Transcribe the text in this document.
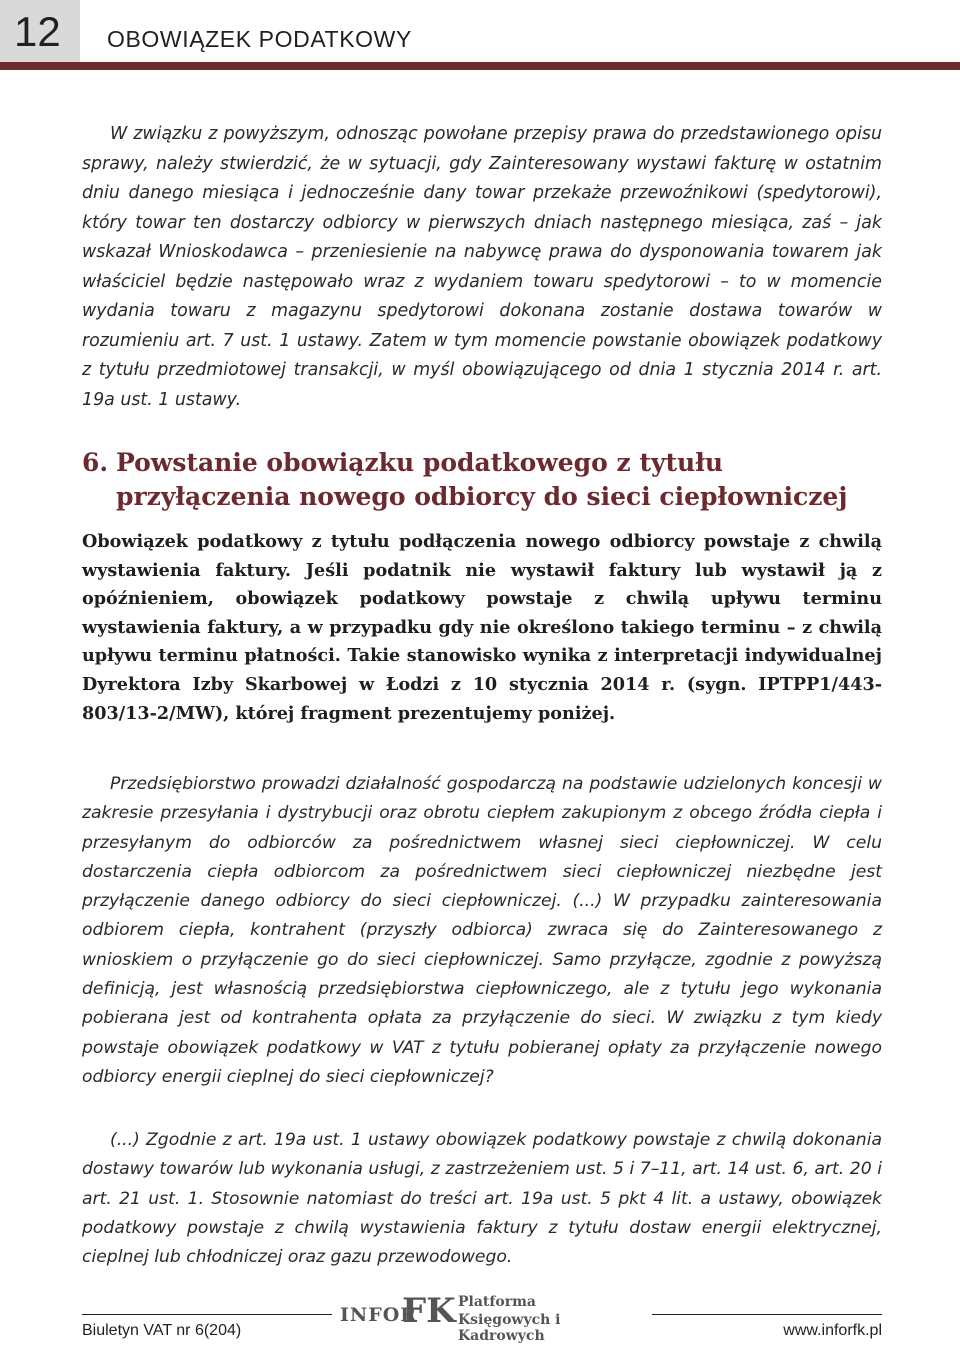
12 OBOWIĄZEK PODATKOWY

W związku z powyższym, odnosząc powołane przepisy prawa do przedstawionego opisu sprawy, należy stwierdzić, że w sytuacji, gdy Zainteresowany wystawi fakturę w ostatnim dniu danego miesiąca i jednocześnie dany towar przekaże przewoźnikowi (spedytorowi), który towar ten dostarczy odbiorcy w pierwszych dniach następnego miesiąca, zaś – jak wskazał Wnioskodawca – przeniesienie na nabywcę prawa do dysponowania towarem jak właściciel będzie następowało wraz z wydaniem towaru spedytorowi – to w momencie wydania towaru z magazynu spedytorowi dokonana zostanie dostawa towarów w rozumieniu art. 7 ust. 1 ustawy. Zatem w tym momencie powstanie obowiązek podatkowy z tytułu przedmiotowej transakcji, w myśl obowiązującego od dnia 1 stycznia 2014 r. art. 19a ust. 1 ustawy.

6. Powstanie obowiązku podatkowego z tytułu
przyłączenia nowego odbiorcy do sieci ciepłowniczej

Obowiązek podatkowy z tytułu podłączenia nowego odbiorcy powstaje z chwilą wystawienia faktury. Jeśli podatnik nie wystawił faktury lub wystawił ją z opóźnieniem, obowiązek podatkowy powstaje z chwilą upływu terminu wystawienia faktury, a w przypadku gdy nie określono takiego terminu – z chwilą upływu terminu płatności. Takie stanowisko wynika z interpretacji indywidualnej Dyrektora Izby Skarbowej w Łodzi z 10 stycznia 2014 r. (sygn. IPTPP1/443-803/13-2/MW), której fragment prezentujemy poniżej.

Przedsiębiorstwo prowadzi działalność gospodarczą na podstawie udzielonych koncesji w zakresie przesyłania i dystrybucji oraz obrotu ciepłem zakupionym z obcego źródła ciepła i przesyłanym do odbiorców za pośrednictwem własnej sieci ciepłowniczej. W celu dostarczenia ciepła odbiorcom za pośrednictwem sieci ciepłowniczej niezbędne jest przyłączenie danego odbiorcy do sieci ciepłowniczej. (...) W przypadku zainteresowania odbiorem ciepła, kontrahent (przyszły odbiorca) zwraca się do Zainteresowanego z wnioskiem o przyłączenie go do sieci ciepłowniczej. Samo przyłącze, zgodnie z powyższą definicją, jest własnością przedsiębiorstwa ciepłowniczego, ale z tytułu jego wykonania pobierana jest od kontrahenta opłata za przyłączenie do sieci. W związku z tym kiedy powstaje obowiązek podatkowy w VAT z tytułu pobieranej opłaty za przyłączenie nowego odbiorcy energii cieplnej do sieci ciepłowniczej?

(...) Zgodnie z art. 19a ust. 1 ustawy obowiązek podatkowy powstaje z chwilą dokonania dostawy towarów lub wykonania usługi, z zastrzeżeniem ust. 5 i 7–11, art. 14 ust. 6, art. 20 i art. 21 ust. 1. Stosownie natomiast do treści art. 19a ust. 5 pkt 4 lit. a ustawy, obowiązek podatkowy powstaje z chwilą wystawienia faktury z tytułu dostaw energii elektrycznej, cieplnej lub chłodniczej oraz gazu przewodowego.

INFOR
FK Platforma
Księgowych i Kadrowych
Biuletyn VAT nr 6(204)	www.inforfk.pl
